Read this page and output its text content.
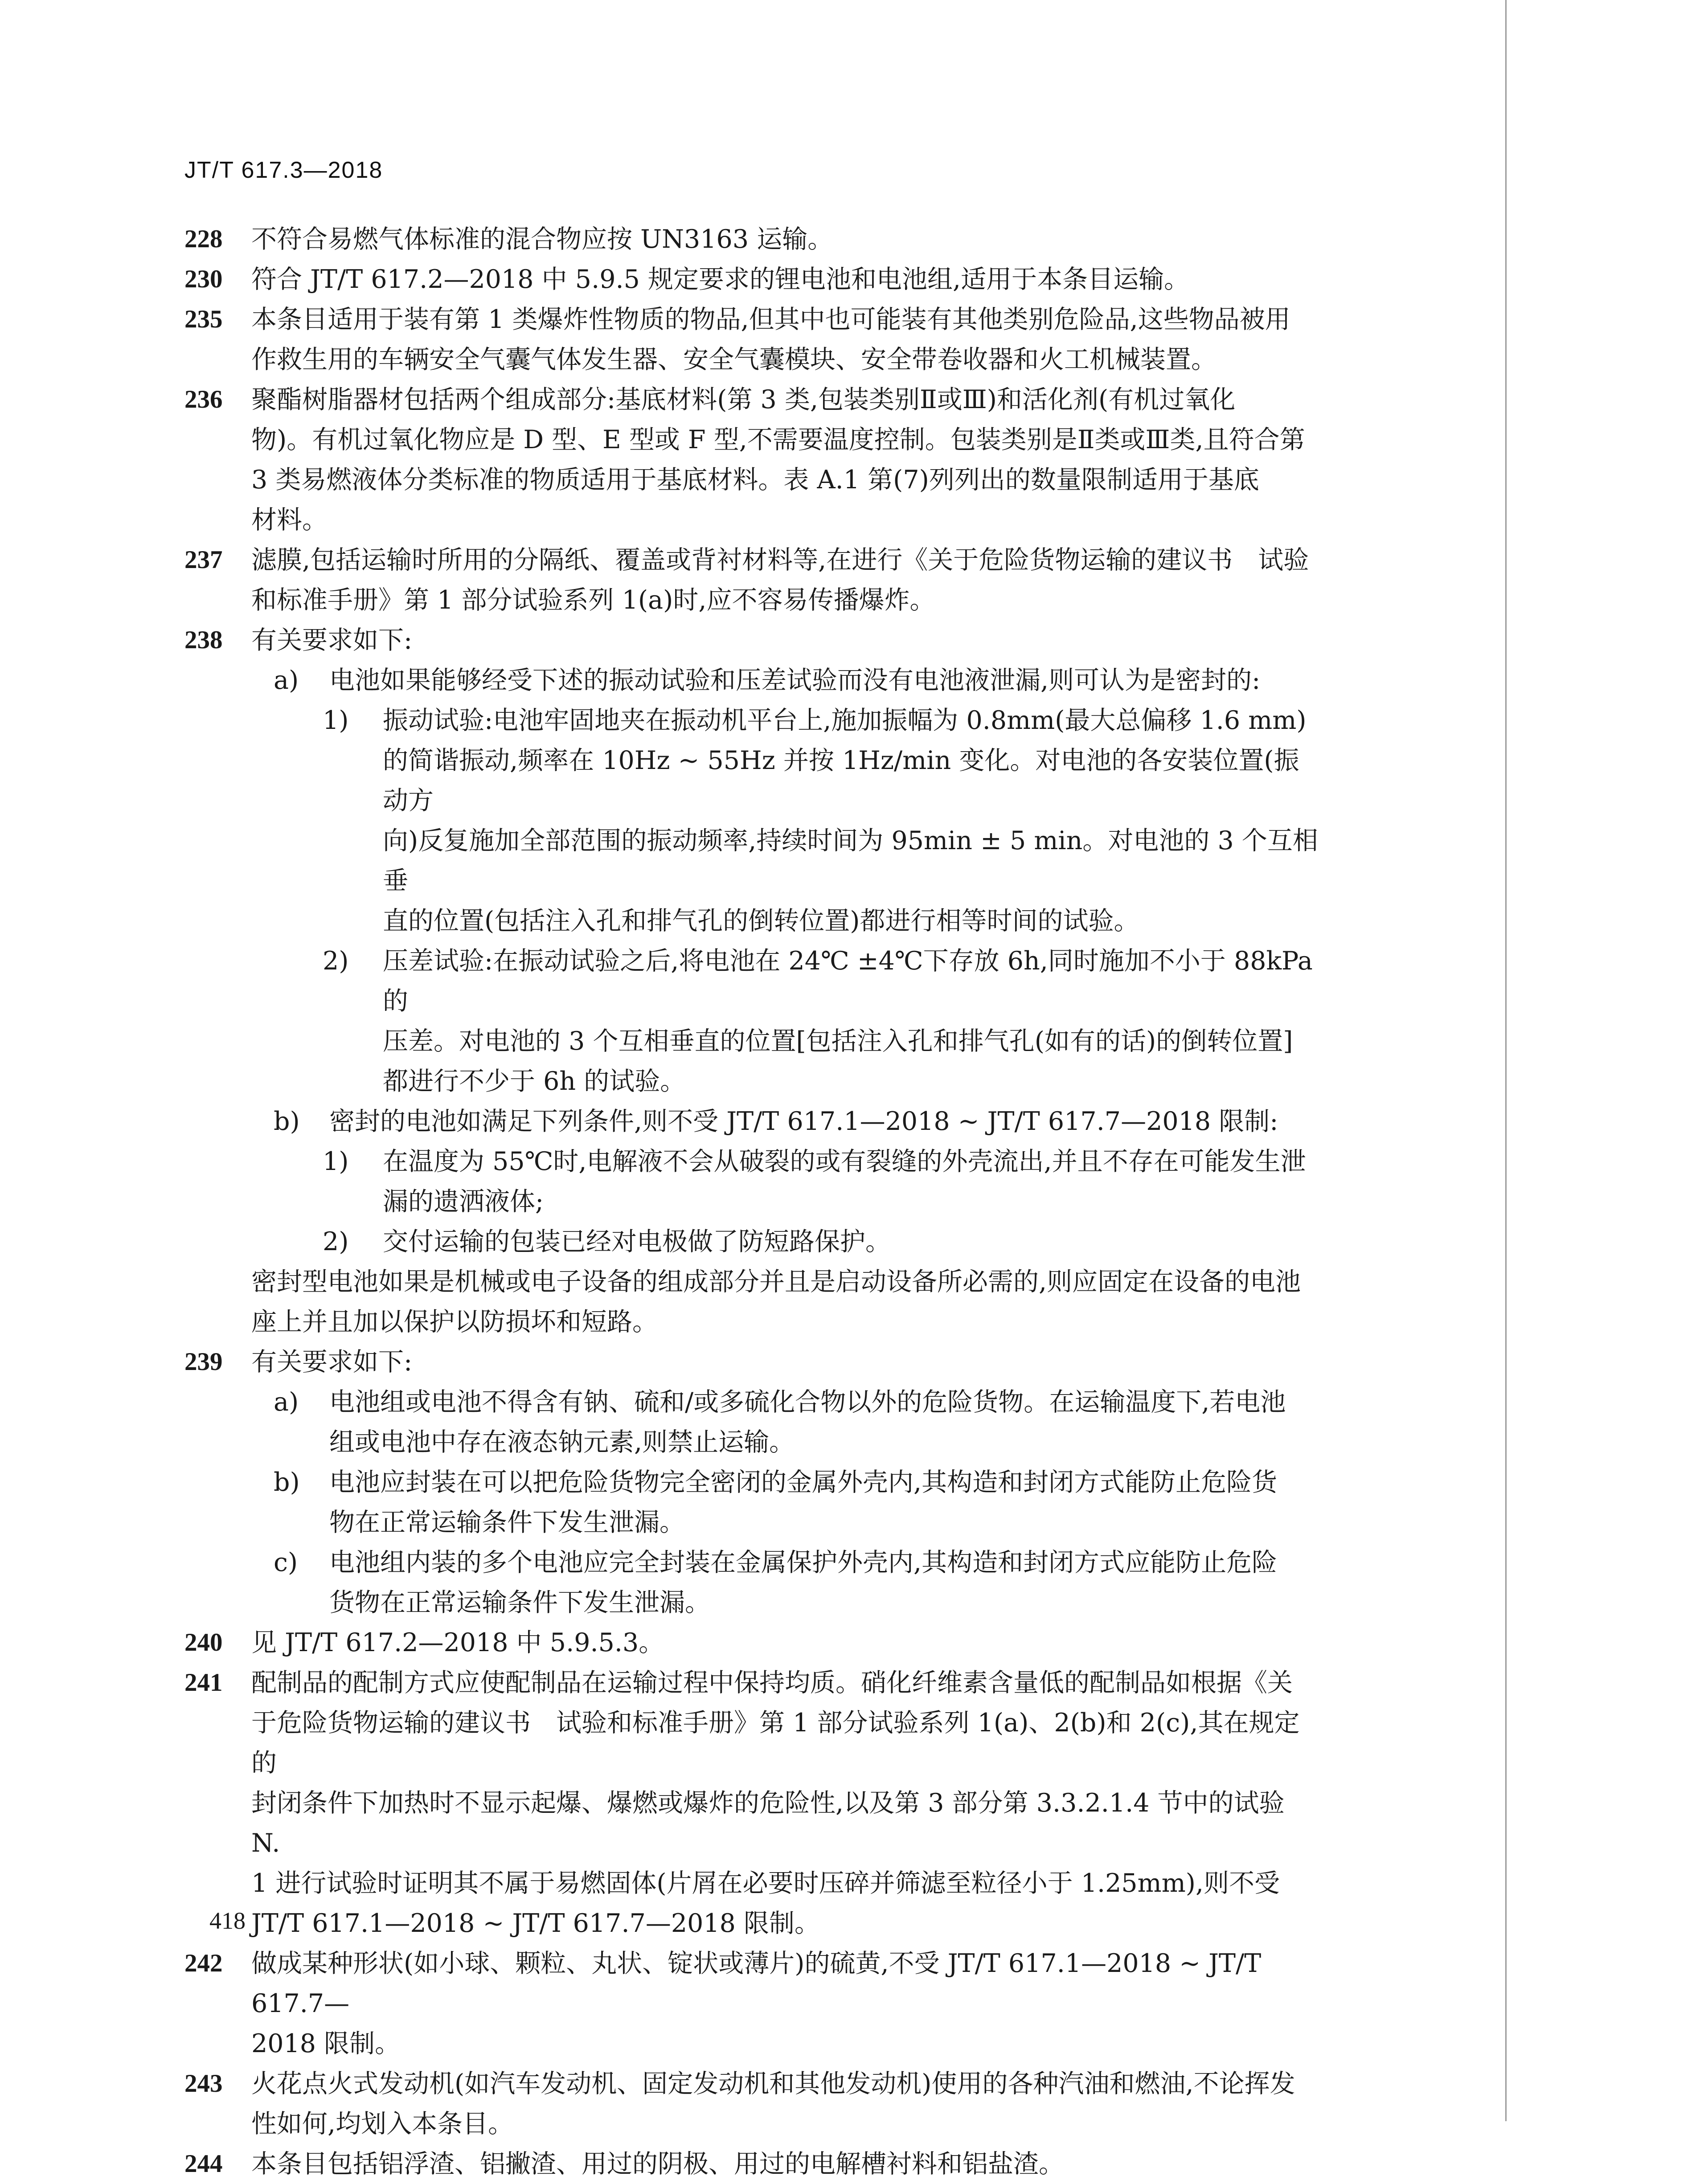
JT/T 617.3—2018
228	不符合易燃气体标准的混合物应按 UN3163 运输。
230	符合 JT/T 617.2—2018 中 5.9.5 规定要求的锂电池和电池组,适用于本条目运输。
235	本条目适用于装有第 1 类爆炸性物质的物品,但其中也可能装有其他类别危险品,这些物品被用
作救生用的车辆安全气囊气体发生器、安全气囊模块、安全带卷收器和火工机械装置。
236	聚酯树脂器材包括两个组成部分:基底材料(第 3 类,包装类别Ⅱ或Ⅲ)和活化剂(有机过氧化
物)。有机过氧化物应是 D 型、E 型或 F 型,不需要温度控制。包装类别是Ⅱ类或Ⅲ类,且符合第
3 类易燃液体分类标准的物质适用于基底材料。表 A.1 第(7)列列出的数量限制适用于基底
材料。
237	滤膜,包括运输时所用的分隔纸、覆盖或背衬材料等,在进行《关于危险货物运输的建议书　试验
和标准手册》第 1 部分试验系列 1(a)时,应不容易传播爆炸。
238	有关要求如下:
a) 电池如果能够经受下述的振动试验和压差试验而没有电池液泄漏,则可认为是密封的:
1) 振动试验:电池牢固地夹在振动机平台上,施加振幅为 0.8mm(最大总偏移 1.6 mm)
的简谐振动,频率在 10Hz ~ 55Hz 并按 1Hz/min 变化。对电池的各安装位置(振动方
向)反复施加全部范围的振动频率,持续时间为 95min ± 5 min。对电池的 3 个互相垂
直的位置(包括注入孔和排气孔的倒转位置)都进行相等时间的试验。
2) 压差试验:在振动试验之后,将电池在 24℃ ±4℃下存放 6h,同时施加不小于 88kPa 的
压差。对电池的 3 个互相垂直的位置[包括注入孔和排气孔(如有的话)的倒转位置]
都进行不少于 6h 的试验。
b) 密封的电池如满足下列条件,则不受 JT/T 617.1—2018 ~ JT/T 617.7—2018 限制:
1) 在温度为 55℃时,电解液不会从破裂的或有裂缝的外壳流出,并且不存在可能发生泄
漏的遗洒液体;
2) 交付运输的包装已经对电极做了防短路保护。
密封型电池如果是机械或电子设备的组成部分并且是启动设备所必需的,则应固定在设备的电池
座上并且加以保护以防损坏和短路。
239	有关要求如下:
a) 电池组或电池不得含有钠、硫和/或多硫化合物以外的危险货物。在运输温度下,若电池
组或电池中存在液态钠元素,则禁止运输。
b) 电池应封装在可以把危险货物完全密闭的金属外壳内,其构造和封闭方式能防止危险货
物在正常运输条件下发生泄漏。
c) 电池组内装的多个电池应完全封装在金属保护外壳内,其构造和封闭方式应能防止危险
货物在正常运输条件下发生泄漏。
240	见 JT/T 617.2—2018 中 5.9.5.3。
241	配制品的配制方式应使配制品在运输过程中保持均质。硝化纤维素含量低的配制品如根据《关
于危险货物运输的建议书　试验和标准手册》第 1 部分试验系列 1(a)、2(b)和 2(c),其在规定的
封闭条件下加热时不显示起爆、爆燃或爆炸的危险性,以及第 3 部分第 3.3.2.1.4 节中的试验 N.
1 进行试验时证明其不属于易燃固体(片屑在必要时压碎并筛滤至粒径小于 1.25mm),则不受
JT/T 617.1—2018 ~ JT/T 617.7—2018 限制。
242	做成某种形状(如小球、颗粒、丸状、锭状或薄片)的硫黄,不受 JT/T 617.1—2018 ~ JT/T 617.7—
2018 限制。
243	火花点火式发动机(如汽车发动机、固定发动机和其他发动机)使用的各种汽油和燃油,不论挥发
性如何,均划入本条目。
244	本条目包括铝浮渣、铝撇渣、用过的阴极、用过的电解槽衬料和铝盐渣。
418
